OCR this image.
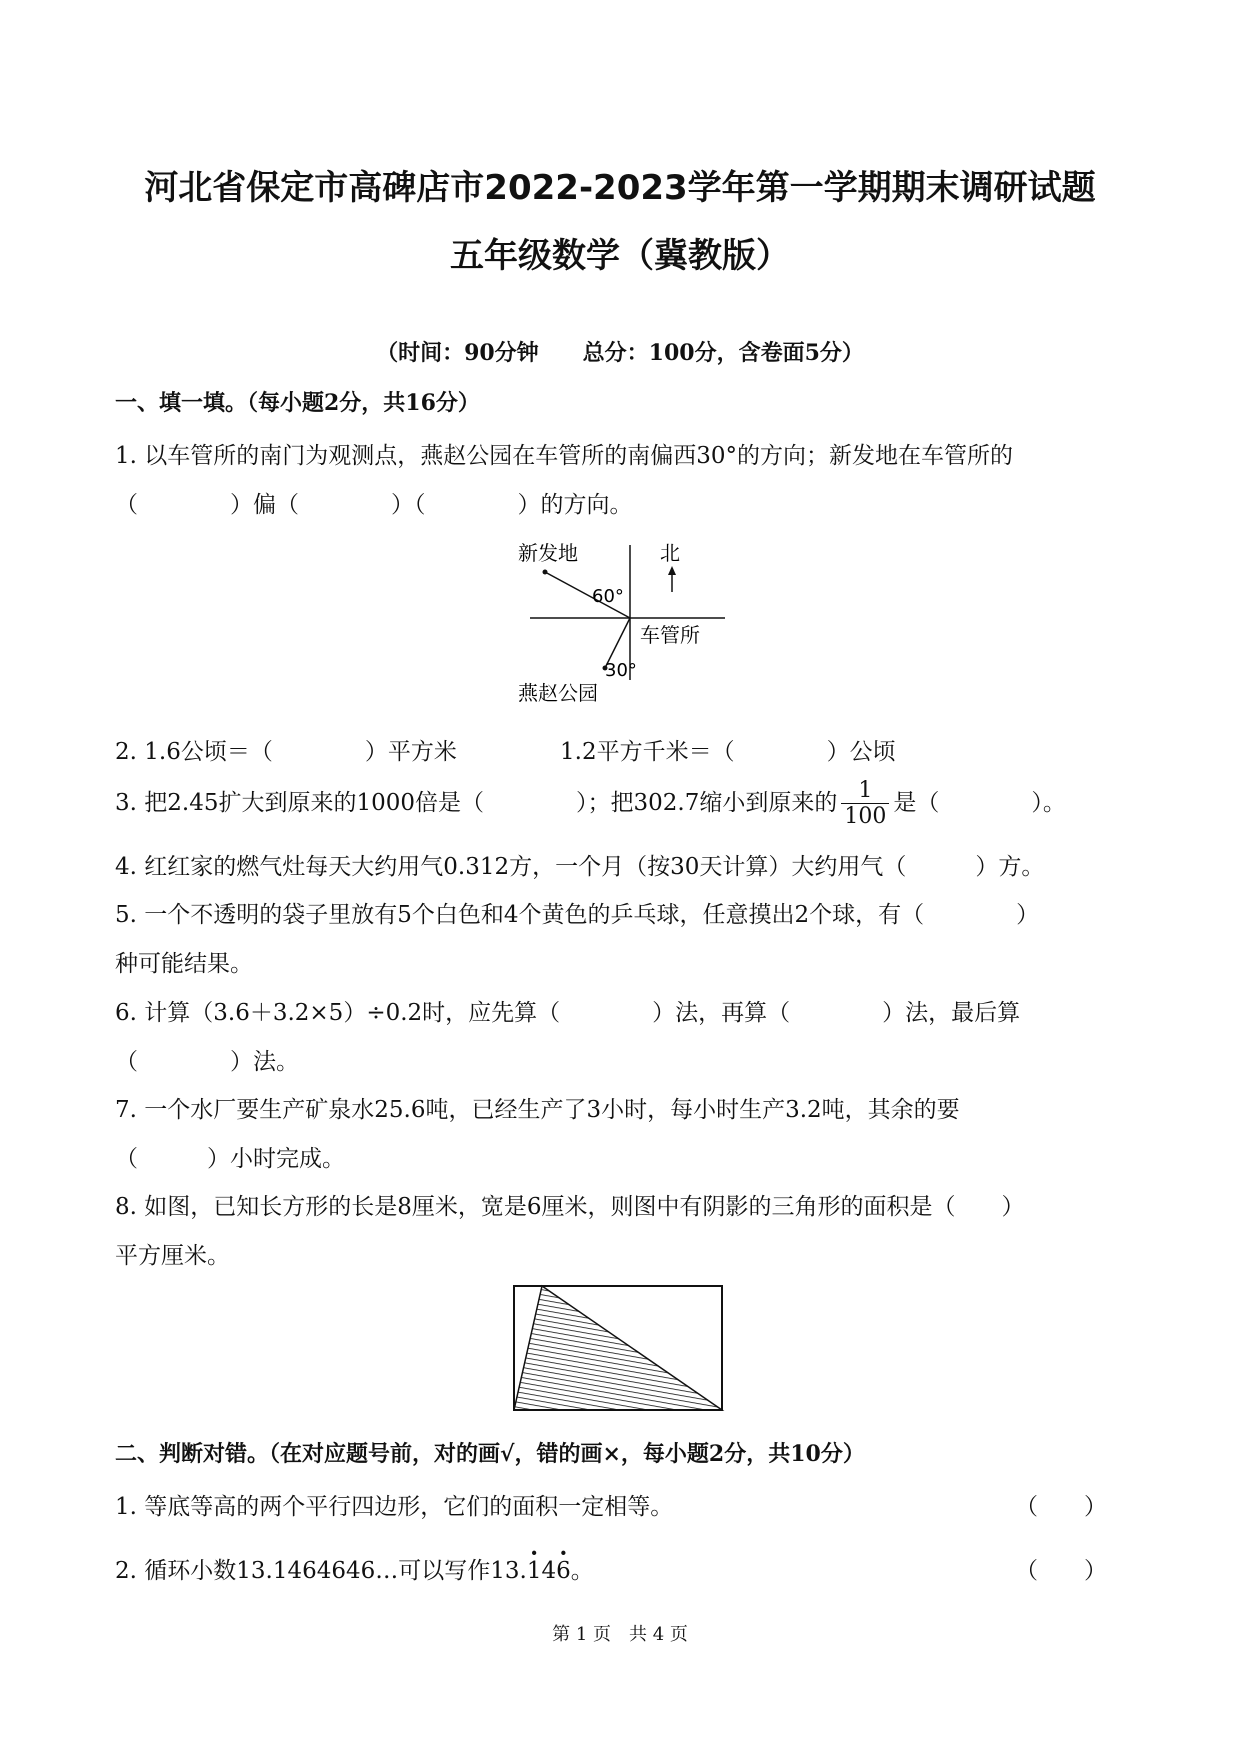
河北省保定市高碑店市2022-2023学年第一学期期末调研试题
五年级数学（冀教版）
（时间：90分钟　　总分：100分，含卷面5分）
一、填一填。（每小题2分，共16分）
1. 以车管所的南门为观测点，燕赵公园在车管所的南偏西30°的方向；新发地在车管所的
（　　　　）偏（　　　　）（　　　　）的方向。
新发地	北
60°
车管所
30°
燕赵公园
2. 1.6公顷＝（　　　　）平方米	1.2平方千米＝（　　　　）公顷
3. 把2.45扩大到原来的1000倍是（　　　　）；把302.7缩小到原来的 $\frac{1}{100}$ 是（　　　　）。
4. 红红家的燃气灶每天大约用气0.312方，一个月（按30天计算）大约用气（　　　）方。
5. 一个不透明的袋子里放有5个白色和4个黄色的乒乓球，任意摸出2个球，有（　　　　）
种可能结果。
6. 计算（3.6＋3.2×5）÷0.2时，应先算（　　　　）法，再算（　　　　）法，最后算
（　　　　）法。
7. 一个水厂要生产矿泉水25.6吨，已经生产了3小时，每小时生产3.2吨，其余的要
（　　　）小时完成。
8. 如图，已知长方形的长是8厘米，宽是6厘米，则图中有阴影的三角形的面积是（　　）
平方厘米。
二、判断对错。（在对应题号前，对的画√，错的画×，每小题2分，共10分）
1. 等底等高的两个平行四边形，它们的面积一定相等。	（　　）
2. 循环小数13.1464646…可以写作13.· 14· 6。	（　　）
第 1 页　共 4 页
